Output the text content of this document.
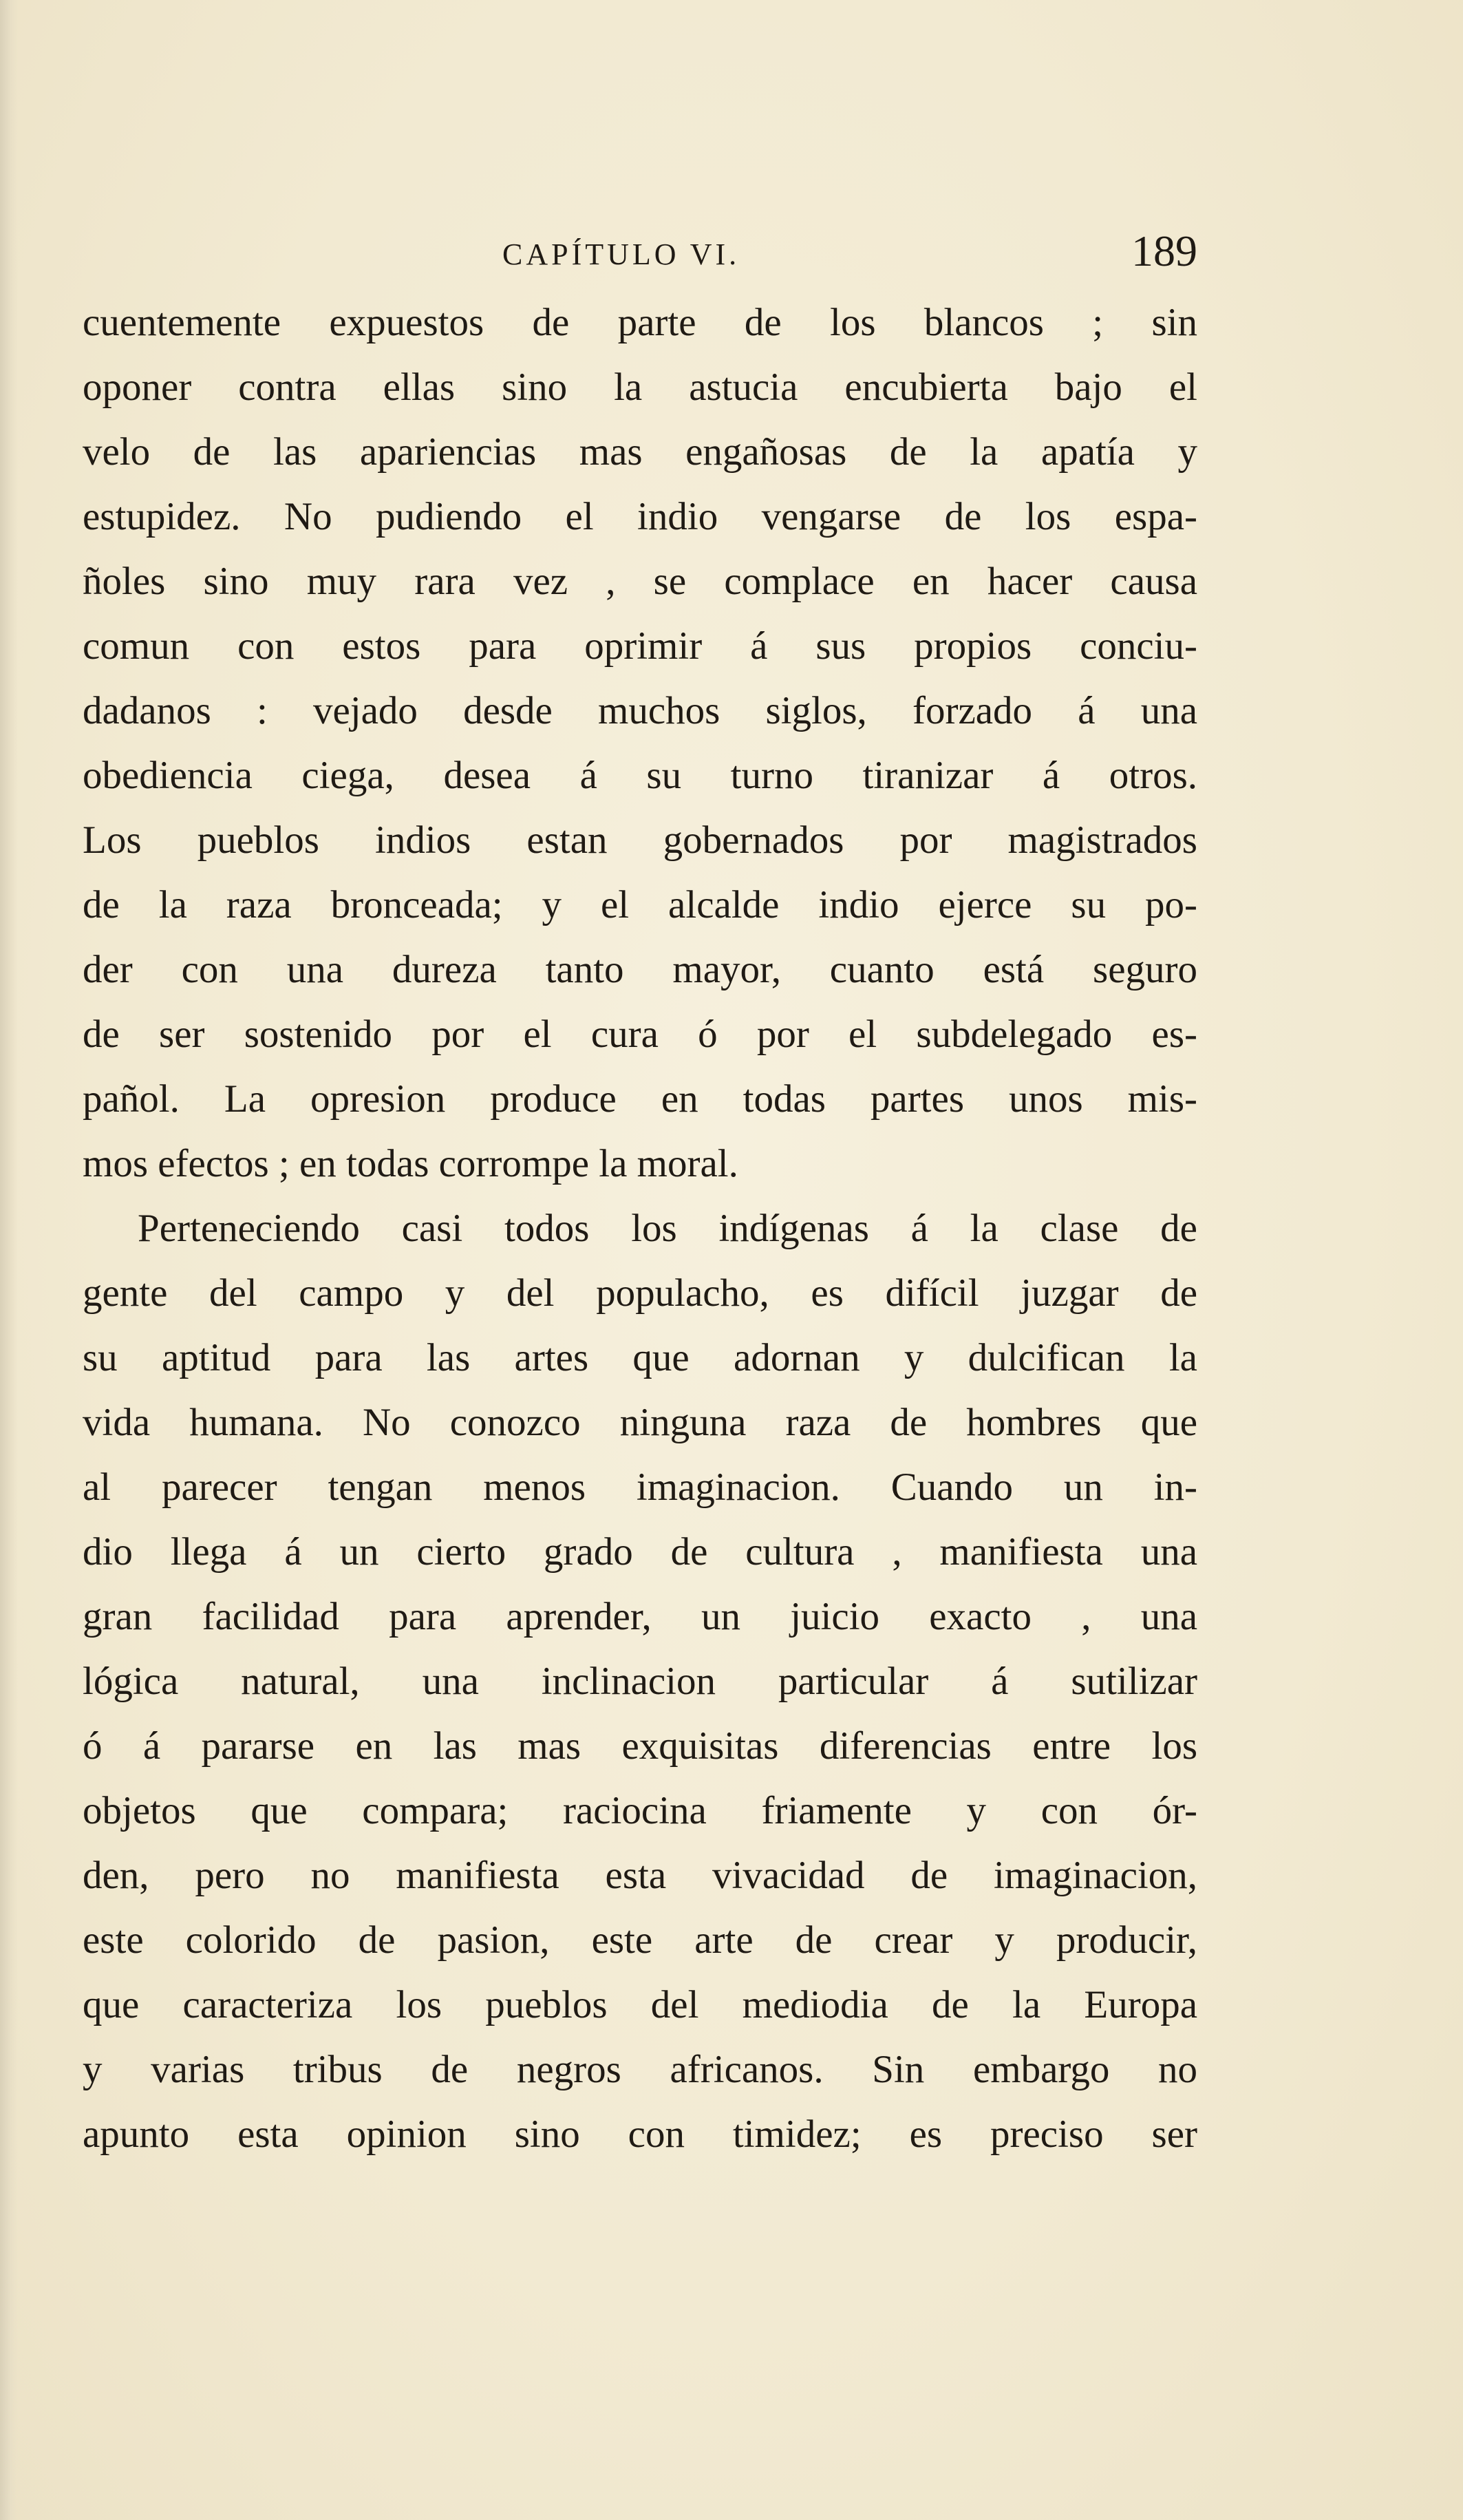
CAPÍTULO VI.	189
cuentemente expuestos de parte de los blancos ; sin
oponer contra ellas sino la astucia encubierta bajo el
velo de las apariencias mas engañosas de la apatía y
estupidez. No pudiendo el indio vengarse de los espa-
ñoles sino muy rara vez , se complace en hacer causa
comun con estos para oprimir á sus propios conciu-
dadanos : vejado desde muchos siglos, forzado á una
obediencia ciega, desea á su turno tiranizar á otros.
Los pueblos indios estan gobernados por magistrados
de la raza bronceada; y el alcalde indio ejerce su po-
der con una dureza tanto mayor, cuanto está seguro
de ser sostenido por el cura ó por el subdelegado es-
pañol. La opresion produce en todas partes unos mis-
mos efectos ; en todas corrompe la moral.
Perteneciendo casi todos los indígenas á la clase de
gente del campo y del populacho, es difícil juzgar de
su aptitud para las artes que adornan y dulcifican la
vida humana. No conozco ninguna raza de hombres que
al parecer tengan menos imaginacion. Cuando un in-
dio llega á un cierto grado de cultura , manifiesta una
gran facilidad para aprender, un juicio exacto , una
lógica natural, una inclinacion particular á sutilizar
ó á pararse en las mas exquisitas diferencias entre los
objetos que compara; raciocina friamente y con ór-
den, pero no manifiesta esta vivacidad de imaginacion,
este colorido de pasion, este arte de crear y producir,
que caracteriza los pueblos del mediodia de la Europa
y varias tribus de negros africanos. Sin embargo no
apunto esta opinion sino con timidez; es preciso ser
